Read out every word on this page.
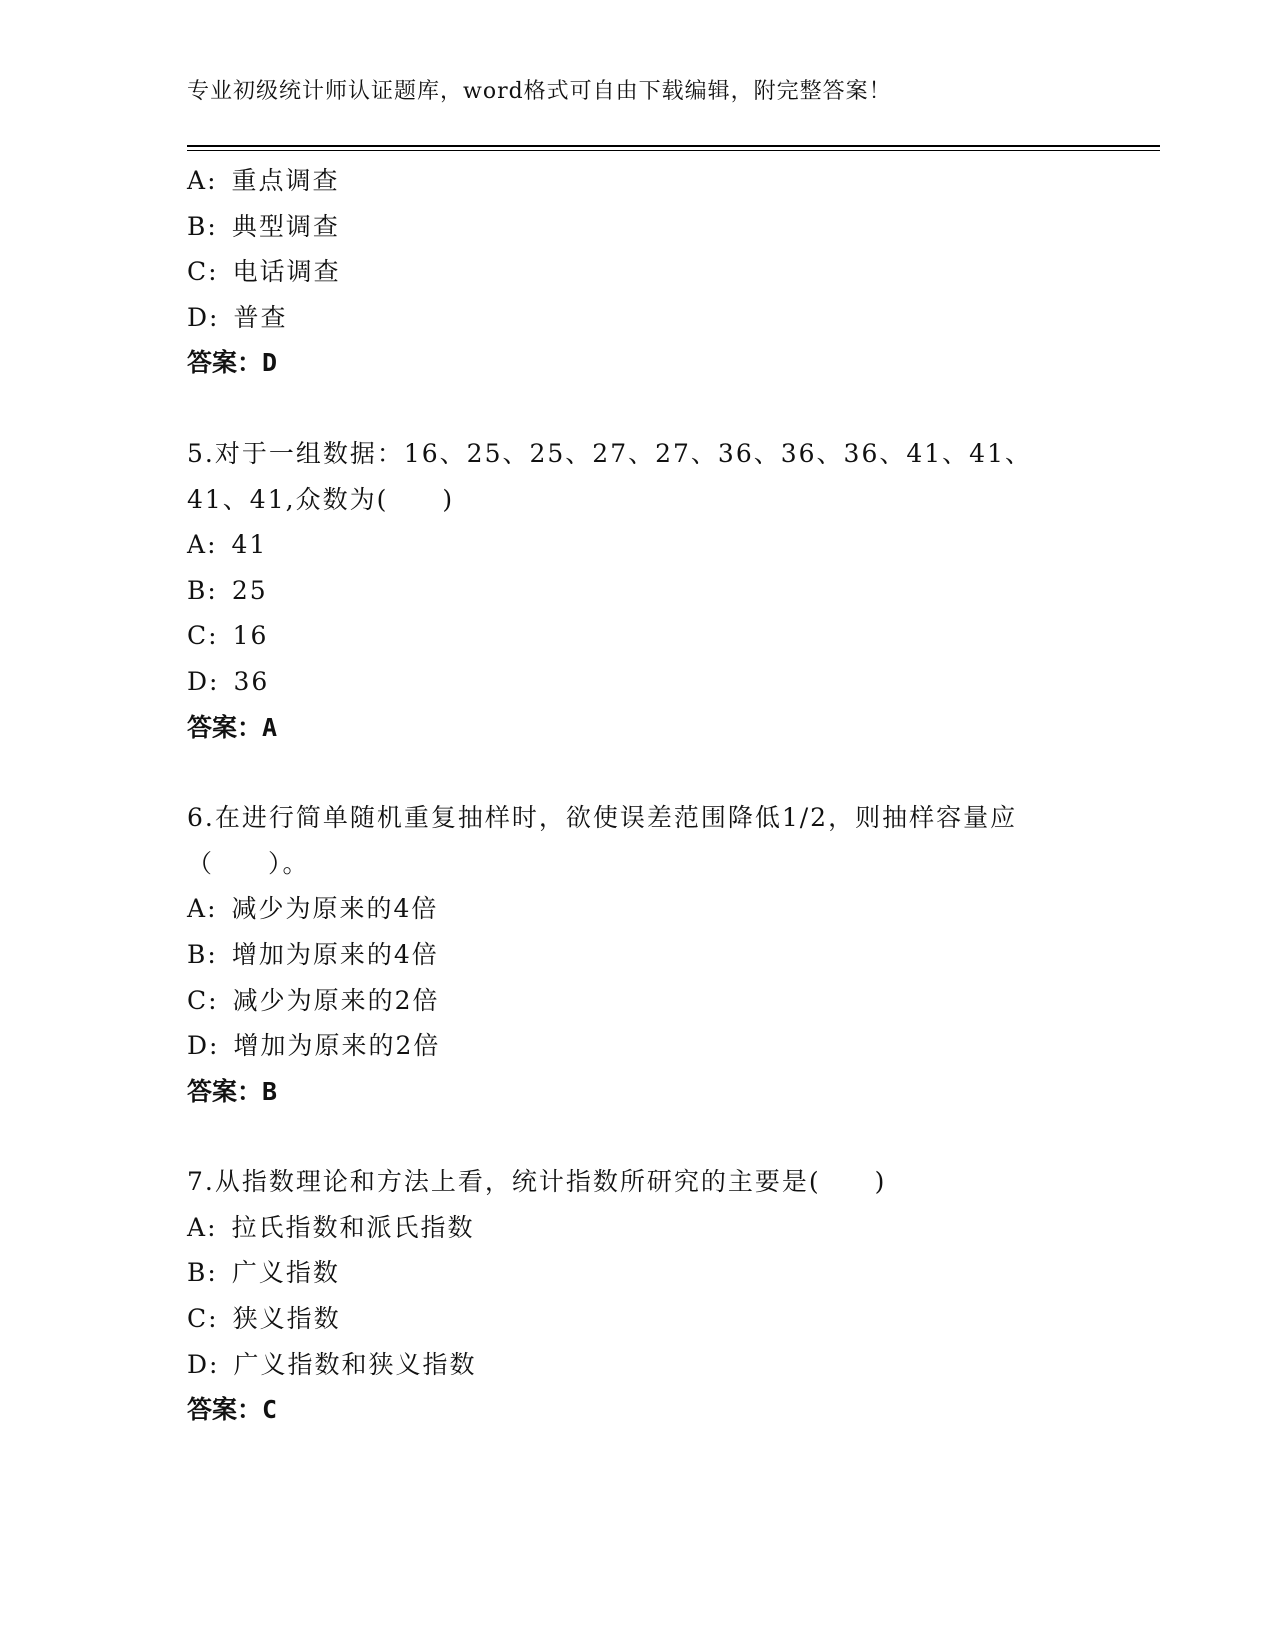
专业初级统计师认证题库，word格式可自由下载编辑，附完整答案！
A: 重点调查
B: 典型调查
C: 电话调查
D: 普查
答案：D
5.对于一组数据：16、25、25、27、27、36、36、36、41、41、41、41,众数为(　　)
A: 41
B: 25
C: 16
D: 36
答案：A
6.在进行简单随机重复抽样时，欲使误差范围降低1/2，则抽样容量应（　　）。
A: 减少为原来的4倍
B: 增加为原来的4倍
C: 减少为原来的2倍
D: 增加为原来的2倍
答案：B
7.从指数理论和方法上看，统计指数所研究的主要是(　　)
A: 拉氏指数和派氏指数
B: 广义指数
C: 狭义指数
D: 广义指数和狭义指数
答案：C
